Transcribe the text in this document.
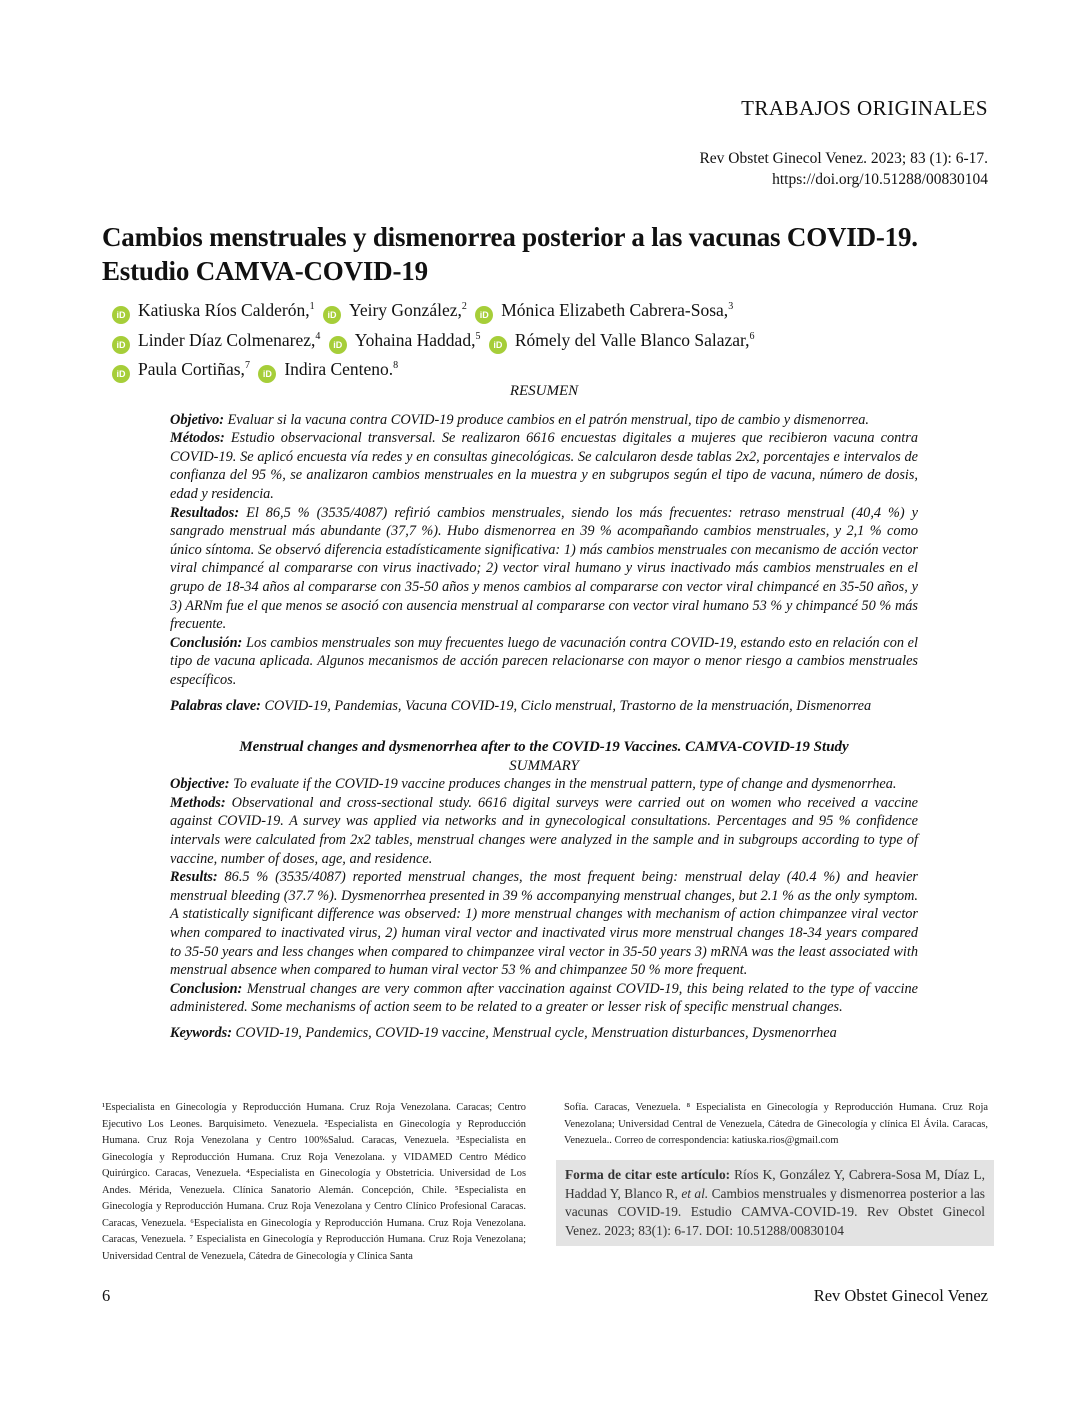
TRABAJOS ORIGINALES
Rev Obstet Ginecol Venez. 2023; 83 (1): 6-17.
https://doi.org/10.51288/00830104
Cambios menstruales y dismenorrea posterior a las vacunas COVID-19.
Estudio CAMVA-COVID-19
iD Katiuska Ríos Calderón,$^1$ iD Yeiry González,$^2$ iD Mónica Elizabeth Cabrera-Sosa,$^3$
iD Linder Díaz Colmenarez,$^4$ iD Yohaina Haddad,$^5$ iD Rómely del Valle Blanco Salazar,$^6$
iD Paula Cortiñas,$^7$ iD Indira Centeno.$^8$
RESUMEN

Objetivo: Evaluar si la vacuna contra COVID-19 produce cambios en el patrón menstrual, tipo de cambio y dismenorrea.

Métodos: Estudio observacional transversal. Se realizaron 6616 encuestas digitales a mujeres que recibieron vacuna contra COVID-19. Se aplicó encuesta vía redes y en consultas ginecológicas. Se calcularon desde tablas 2x2, porcentajes e intervalos de confianza del 95 %, se analizaron cambios menstruales en la muestra y en subgrupos según el tipo de vacuna, número de dosis, edad y residencia.

Resultados: El 86,5 % (3535/4087) refirió cambios menstruales, siendo los más frecuentes: retraso menstrual (40,4 %) y sangrado menstrual más abundante (37,7 %). Hubo dismenorrea en 39 % acompañando cambios menstruales, y 2,1 % como único síntoma. Se observó diferencia estadísticamente significativa: 1) más cambios menstruales con mecanismo de acción vector viral chimpancé al compararse con virus inactivado; 2) vector viral humano y virus inactivado más cambios menstruales en el grupo de 18-34 años al compararse con 35-50 años y menos cambios al compararse con vector viral chimpancé en 35-50 años, y 3) ARNm fue el que menos se asoció con ausencia menstrual al compararse con vector viral humano 53 % y chimpancé 50 % más frecuente.

Conclusión: Los cambios menstruales son muy frecuentes luego de vacunación contra COVID-19, estando esto en relación con el tipo de vacuna aplicada. Algunos mecanismos de acción parecen relacionarse con mayor o menor riesgo a cambios menstruales específicos.

Palabras clave: COVID-19, Pandemias, Vacuna COVID-19, Ciclo menstrual, Trastorno de la menstruación, Dismenorrea

Menstrual changes and dysmenorrhea after to the COVID-19 Vaccines. CAMVA-COVID-19 Study
SUMMARY

Objective: To evaluate if the COVID-19 vaccine produces changes in the menstrual pattern, type of change and dysmenorrhea.

Methods: Observational and cross-sectional study. 6616 digital surveys were carried out on women who received a vaccine against COVID-19. A survey was applied via networks and in gynecological consultations. Percentages and 95 % confidence intervals were calculated from 2x2 tables, menstrual changes were analyzed in the sample and in subgroups according to type of vaccine, number of doses, age, and residence.

Results: 86.5 % (3535/4087) reported menstrual changes, the most frequent being: menstrual delay (40.4 %) and heavier menstrual bleeding (37.7 %). Dysmenorrhea presented in 39 % accompanying menstrual changes, but 2.1 % as the only symptom. A statistically significant difference was observed: 1) more menstrual changes with mechanism of action chimpanzee viral vector when compared to inactivated virus, 2) human viral vector and inactivated virus more menstrual changes 18-34 years compared to 35-50 years and less changes when compared to chimpanzee viral vector in 35-50 years 3) mRNA was the least associated with menstrual absence when compared to human viral vector 53 % and chimpanzee 50 % more frequent.

Conclusion: Menstrual changes are very common after vaccination against COVID-19, this being related to the type of vaccine administered. Some mechanisms of action seem to be related to a greater or lesser risk of specific menstrual changes.

Keywords: COVID-19, Pandemics, COVID-19 vaccine, Menstrual cycle, Menstruation disturbances, Dysmenorrhea

¹Especialista en Ginecología y Reproducción Humana. Cruz Roja Venezolana. Caracas; Centro Ejecutivo Los Leones. Barquisimeto. Venezuela. ²Especialista en Ginecología y Reproducción Humana. Cruz Roja Venezolana y Centro 100%Salud. Caracas, Venezuela. ³Especialista en Ginecología y Reproducción Humana. Cruz Roja Venezolana. y VIDAMED Centro Médico Quirúrgico. Caracas, Venezuela. ⁴Especialista en Ginecología y Obstetricia. Universidad de Los Andes. Mérida, Venezuela. Clínica Sanatorio Alemán. Concepción, Chile. ⁵Especialista en Ginecología y Reproducción Humana. Cruz Roja Venezolana y Centro Clínico Profesional Caracas. Caracas, Venezuela. ⁶Especialista en Ginecología y Reproducción Humana. Cruz Roja Venezolana. Caracas, Venezuela. ⁷ Especialista en Ginecología y Reproducción Humana. Cruz Roja Venezolana; Universidad Central de Venezuela, Cátedra de Ginecología y Clínica Santa
Sofía. Caracas, Venezuela. ⁸ Especialista en Ginecología y Reproducción Humana. Cruz Roja Venezolana; Universidad Central de Venezuela, Cátedra de Ginecología y clínica El Ávila. Caracas, Venezuela.. Correo de correspondencia: katiuska.rios@gmail.com
Forma de citar este artículo: Ríos K, González Y, Cabrera-Sosa M, Díaz L, Haddad Y, Blanco R, et al. Cambios menstruales y dismenorrea posterior a las vacunas COVID-19. Estudio CAMVA-COVID-19. Rev Obstet Ginecol Venez. 2023; 83(1): 6-17. DOI: 10.51288/00830104
6	Rev Obstet Ginecol Venez
